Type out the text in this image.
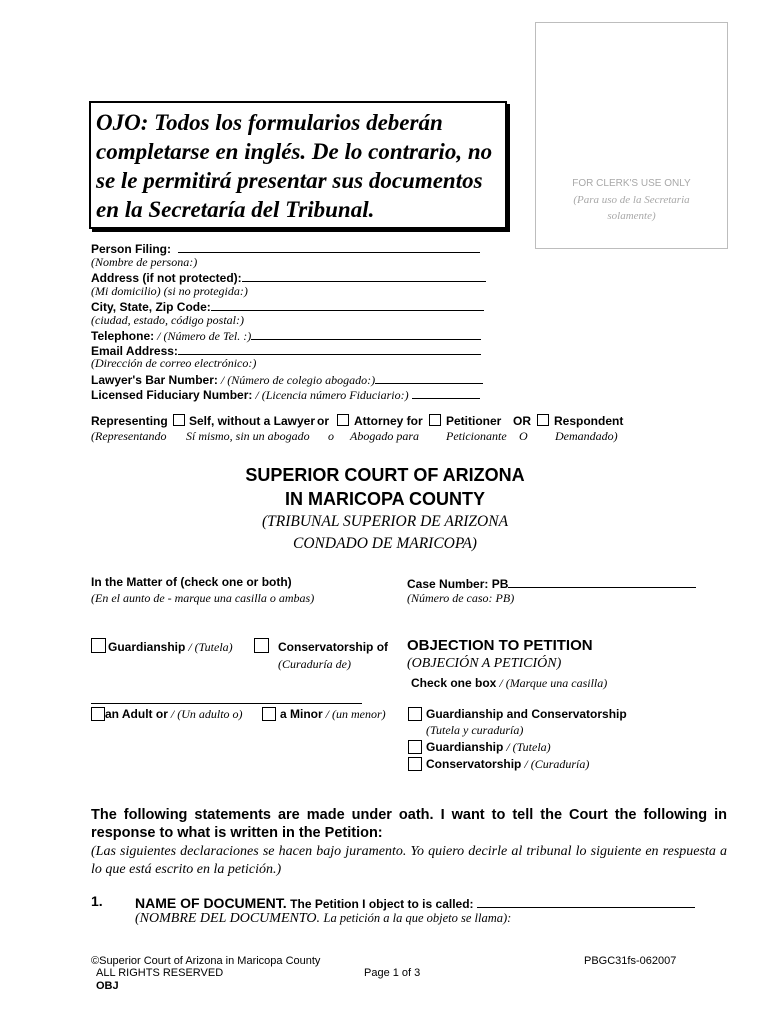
FOR CLERK'S USE ONLY
(Para uso de la Secretaria solamente)
OJO: Todos los formularios deberán completarse en inglés. De lo contrario, no se le permitirá presentar sus documentos en la Secretaría del Tribunal.
Person Filing:
(Nombre de persona:)
Address (if not protected):
(Mi domicilio) (si no protegida:)
City, State, Zip Code:
(ciudad, estado, código postal:)
Telephone: / (Número de Tel. :)
Email Address:
(Dirección de correo electrónico:)
Lawyer's Bar Number: / (Número de colegio abogado:)
Licensed Fiduciary Number: / (Licencia número Fiduciario:)
Representing Self, without a Lawyer or Attorney for Petitioner OR Respondent
(Representando Sí mismo, sin un abogado o Abogado para Peticionante O Demandado)
SUPERIOR COURT OF ARIZONA
IN MARICOPA COUNTY
(TRIBUNAL SUPERIOR DE ARIZONA
CONDADO DE MARICOPA)
In the Matter of (check one or both)
(En el aunto de - marque una casilla o ambas)
Case Number: PB
(Número de caso: PB)
Guardianship / (Tutela)	Conservatorship of
(Curaduría de)
an Adult or / (Un adulto o)	a Minor / (un menor)
OBJECTION TO PETITION
(OBJECIÓN A PETICIÓN)
Check one box / (Marque una casilla)
Guardianship and Conservatorship
(Tutela y curaduría)
Guardianship / (Tutela)
Conservatorship / (Curaduría)
The following statements are made under oath. I want to tell the Court the following in response to what is written in the Petition:
(Las siguientes declaraciones se hacen bajo juramento. Yo quiero decirle al tribunal lo siguiente en respuesta a lo que está escrito en la petición.)
1. NAME OF DOCUMENT. The Petition I object to is called:
(NOMBRE DEL DOCUMENTO. La petición a la que objeto se llama):
©Superior Court of Arizona in Maricopa County
ALL RIGHTS RESERVED
OBJ
Page 1 of 3
PBGC31fs-062007
